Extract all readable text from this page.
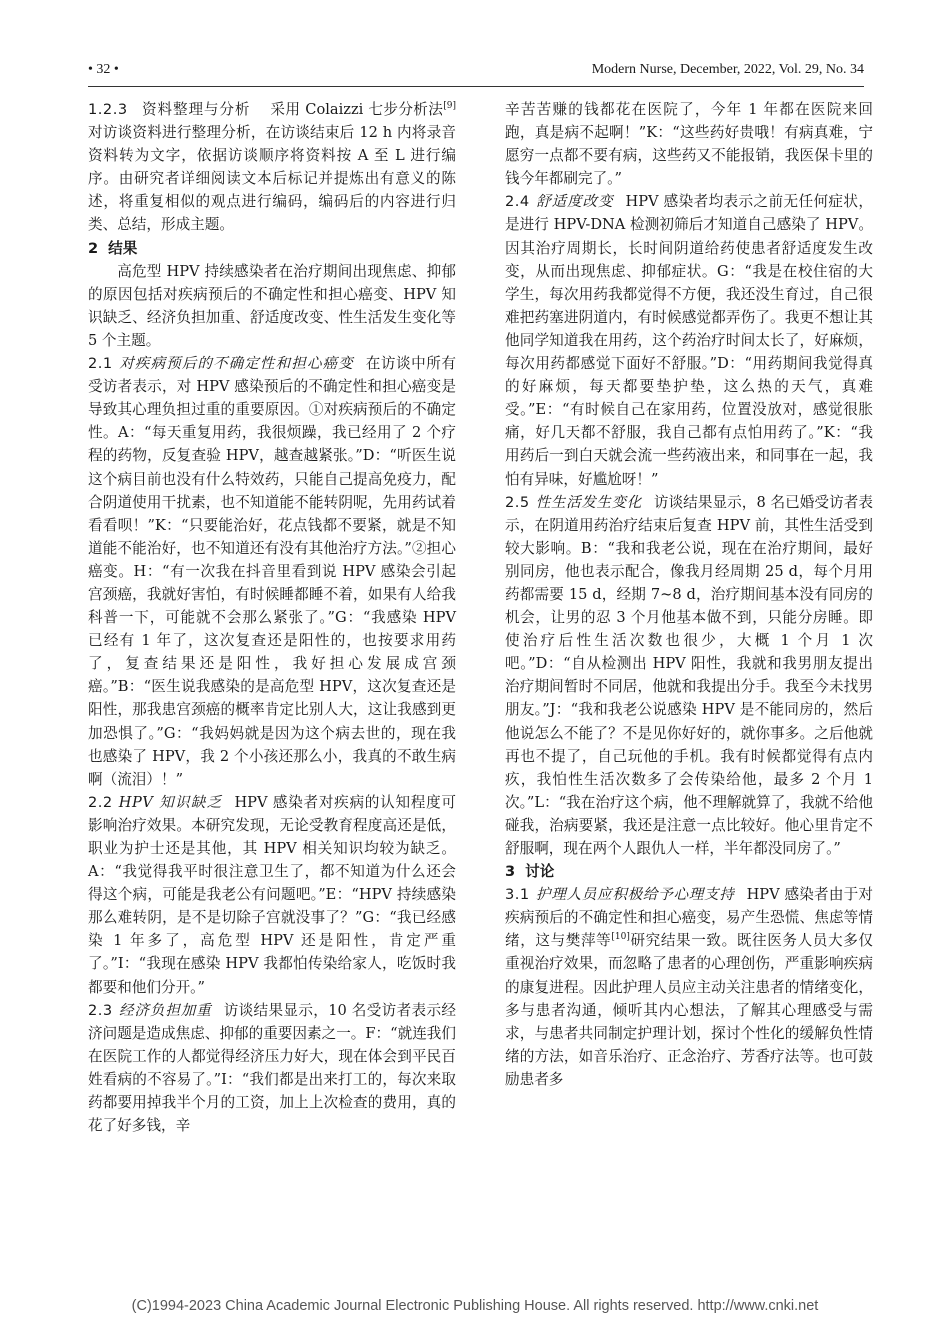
• 32 •	Modern Nurse, December, 2022, Vol. 29, No. 34

1.2.3 资料整理与分析 采用 Colaizzi 七步分析法[9]对访谈资料进行整理分析，在访谈结束后 12 h 内将录音资料转为文字，依据访谈顺序将资料按 A 至 L 进行编序。由研究者详细阅读文本后标记并提炼出有意义的陈述，将重复相似的观点进行编码，编码后的内容进行归类、总结，形成主题。

2 结果

高危型 HPV 持续感染者在治疗期间出现焦虑、抑郁的原因包括对疾病预后的不确定性和担心癌变、HPV 知识缺乏、经济负担加重、舒适度改变、性生活发生变化等 5 个主题。

2.1 对疾病预后的不确定性和担心癌变 在访谈中所有受访者表示，对 HPV 感染预后的不确定性和担心癌变是导致其心理负担过重的重要原因。①对疾病预后的不确定性。A：“每天重复用药，我很烦躁，我已经用了 2 个疗程的药物，反复查验 HPV，越查越紧张。”D：“听医生说这个病目前也没有什么特效药，只能自己提高免疫力，配合阴道使用干扰素，也不知道能不能转阴呢，先用药试着看看呗！”K：“只要能治好，花点钱都不要紧，就是不知道能不能治好，也不知道还有没有其他治疗方法。”②担心癌变。H：“有一次我在抖音里看到说 HPV 感染会引起宫颈癌，我就好害怕，有时候睡都睡不着，如果有人给我科普一下，可能就不会那么紧张了。”G：“我感染 HPV 已经有 1 年了，这次复查还是阳性的，也按要求用药了，复查结果还是阳性，我好担心发展成宫颈癌。”B：“医生说我感染的是高危型 HPV，这次复查还是阳性，那我患宫颈癌的概率肯定比别人大，这让我感到更加恐惧了。”G：“我妈妈就是因为这个病去世的，现在我也感染了 HPV，我 2 个小孩还那么小，我真的不敢生病啊（流泪）！”

2.2 HPV 知识缺乏 HPV 感染者对疾病的认知程度可影响治疗效果。本研究发现，无论受教育程度高还是低，职业为护士还是其他，其 HPV 相关知识均较为缺乏。A：“我觉得我平时很注意卫生了，都不知道为什么还会得这个病，可能是我老公有问题吧。”E：“HPV 持续感染那么难转阴，是不是切除子宫就没事了？”G：“我已经感染 1 年多了，高危型 HPV 还是阳性，肯定严重了。”I：“我现在感染 HPV 我都怕传染给家人，吃饭时我都要和他们分开。”

2.3 经济负担加重 访谈结果显示，10 名受访者表示经济问题是造成焦虑、抑郁的重要因素之一。F：“就连我们在医院工作的人都觉得经济压力好大，现在体会到平民百姓看病的不容易了。”I：“我们都是出来打工的，每次来取药都要用掉我半个月的工资，加上上次检查的费用，真的花了好多钱，辛

辛苦苦赚的钱都花在医院了，今年 1 年都在医院来回跑，真是病不起啊！”K：“这些药好贵哦！有病真难，宁愿穷一点都不要有病，这些药又不能报销，我医保卡里的钱今年都刷完了。”

2.4 舒适度改变 HPV 感染者均表示之前无任何症状，是进行 HPV-DNA 检测初筛后才知道自己感染了 HPV。因其治疗周期长，长时间阴道给药使患者舒适度发生改变，从而出现焦虑、抑郁症状。G：“我是在校住宿的大学生，每次用药我都觉得不方便，我还没生育过，自己很难把药塞进阴道内，有时候感觉都弄伤了。我更不想让其他同学知道我在用药，这个药治疗时间太长了，好麻烦，每次用药都感觉下面好不舒服。”D：“用药期间我觉得真的好麻烦，每天都要垫护垫，这么热的天气，真难受。”E：“有时候自己在家用药，位置没放对，感觉很胀痛，好几天都不舒服，我自己都有点怕用药了。”K：“我用药后一到白天就会流一些药液出来，和同事在一起，我怕有异味，好尴尬呀！”

2.5 性生活发生变化 访谈结果显示，8 名已婚受访者表示，在阴道用药治疗结束后复查 HPV 前，其性生活受到较大影响。B：“我和我老公说，现在在治疗期间，最好别同房，他也表示配合，像我月经周期 25 d，每个月用药都需要 15 d，经期 7~8 d，治疗期间基本没有同房的机会，让男的忍 3 个月他基本做不到，只能分房睡。即使治疗后性生活次数也很少，大概 1 个月 1 次吧。”D：“自从检测出 HPV 阳性，我就和我男朋友提出治疗期间暂时不同居，他就和我提出分手。我至今未找男朋友。”J：“我和我老公说感染 HPV 是不能同房的，然后他说怎么不能了？不是见你好好的，就你事多。之后他就再也不提了，自己玩他的手机。我有时候都觉得有点内疚，我怕性生活次数多了会传染给他，最多 2 个月 1 次。”L：“我在治疗这个病，他不理解就算了，我就不给他碰我，治病要紧，我还是注意一点比较好。他心里肯定不舒服啊，现在两个人跟仇人一样，半年都没同房了。”

3 讨论

3.1 护理人员应积极给予心理支持 HPV 感染者由于对疾病预后的不确定性和担心癌变，易产生恐慌、焦虑等情绪，这与樊萍等[10]研究结果一致。既往医务人员大多仅重视治疗效果，而忽略了患者的心理创伤，严重影响疾病的康复进程。因此护理人员应主动关注患者的情绪变化，多与患者沟通，倾听其内心想法，了解其心理感受与需求，与患者共同制定护理计划，探讨个性化的缓解负性情绪的方法，如音乐治疗、正念治疗、芳香疗法等。也可鼓励患者多

(C)1994-2023 China Academic Journal Electronic Publishing House. All rights reserved. http://www.cnki.net
